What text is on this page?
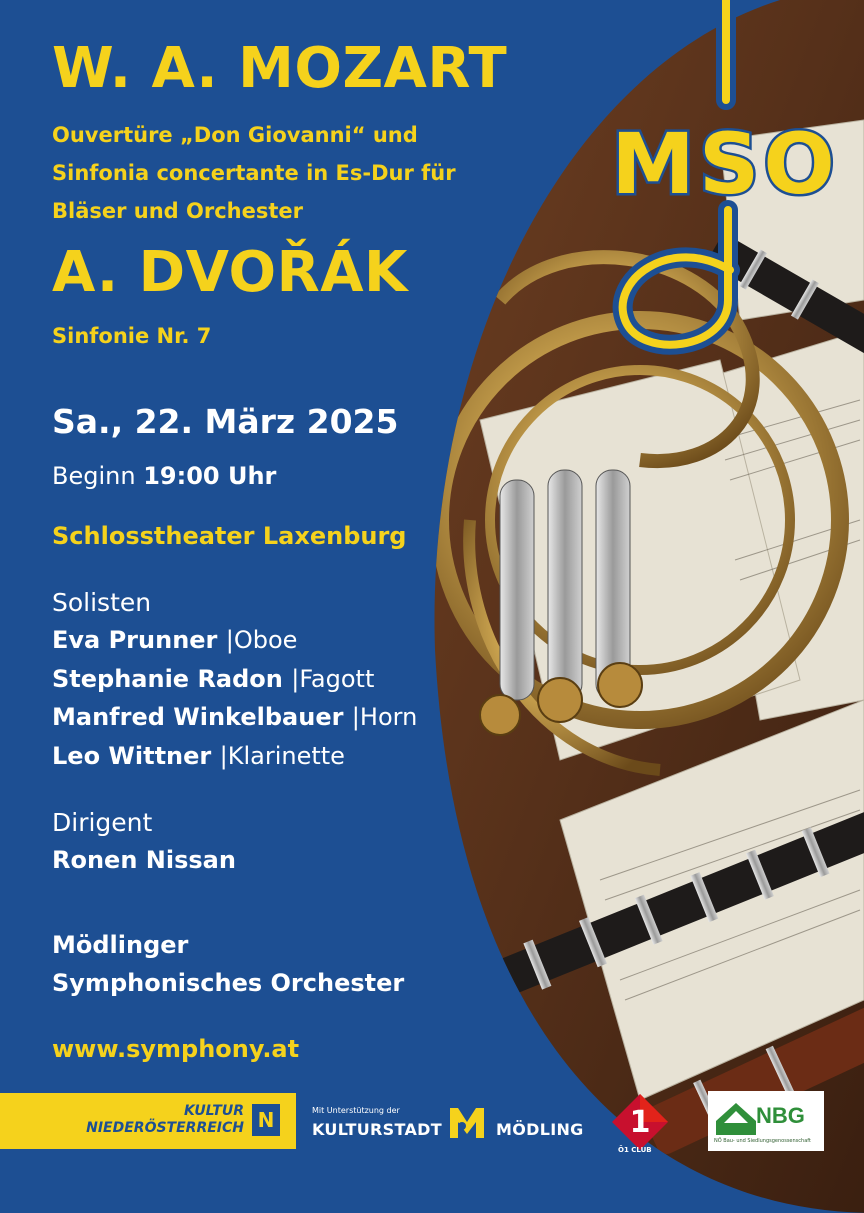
MSO
W. A. MOZART
Ouvertüre „Don Giovanni“ und
Sinfonia concertante in Es-Dur für
Bläser und Orchester
A. DVOŘÁK
Sinfonie Nr. 7
Sa., 22. März 2025
Beginn 19:00 Uhr
Schlosstheater Laxenburg
Solisten
Eva Prunner |Oboe
Stephanie Radon |Fagott
Manfred Winkelbauer |Horn
Leo Wittner |Klarinette
Dirigent
Ronen Nissan
Mödlinger
Symphonisches Orchester
www.symphony.at
KULTUR
NIEDERÖSTERREICH N	Mit Unterstützung der
KULTURSTADT	MÖDLING 1
Ö1 CLUB
NBG
NÖ Bau- und Siedlungsgenossenschaft
